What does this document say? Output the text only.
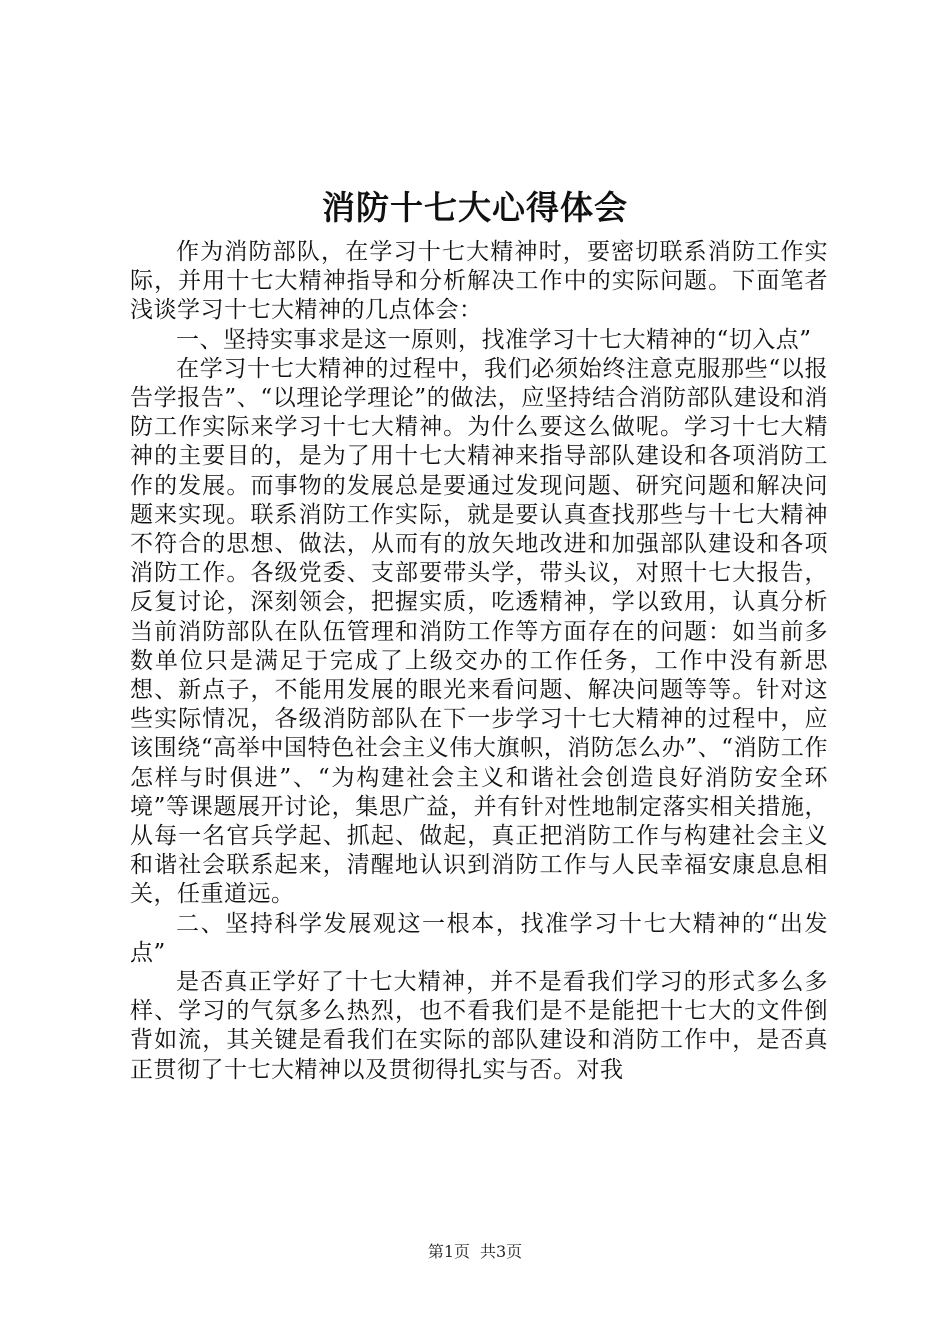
消防十七大心得体会

作为消防部队，在学习十七大精神时，要密切联系消防工作实际，并用十七大精神指导和分析解决工作中的实际问题。下面笔者浅谈学习十七大精神的几点体会：

一、坚持实事求是这一原则，找准学习十七大精神的“切入点”

在学习十七大精神的过程中，我们必须始终注意克服那些“以报告学报告”、“以理论学理论”的做法，应坚持结合消防部队建设和消防工作实际来学习十七大精神。为什么要这么做呢。学习十七大精神的主要目的，是为了用十七大精神来指导部队建设和各项消防工作的发展。而事物的发展总是要通过发现问题、研究问题和解决问题来实现。联系消防工作实际，就是要认真查找那些与十七大精神不符合的思想、做法，从而有的放矢地改进和加强部队建设和各项消防工作。各级党委、支部要带头学，带头议，对照十七大报告，反复讨论，深刻领会，把握实质，吃透精神，学以致用，认真分析当前消防部队在队伍管理和消防工作等方面存在的问题：如当前多数单位只是满足于完成了上级交办的工作任务，工作中没有新思想、新点子，不能用发展的眼光来看问题、解决问题等等。针对这些实际情况，各级消防部队在下一步学习十七大精神的过程中，应该围绕“高举中国特色社会主义伟大旗帜，消防怎么办”、“消防工作怎样与时俱进”、“为构建社会主义和谐社会创造良好消防安全环境”等课题展开讨论，集思广益，并有针对性地制定落实相关措施，从每一名官兵学起、抓起、做起，真正把消防工作与构建社会主义和谐社会联系起来，清醒地认识到消防工作与人民幸福安康息息相关，任重道远。

二、坚持科学发展观这一根本，找准学习十七大精神的“出发点”

是否真正学好了十七大精神，并不是看我们学习的形式多么多样、学习的气氛多么热烈，也不看我们是不是能把十七大的文件倒背如流，其关键是看我们在实际的部队建设和消防工作中，是否真正贯彻了十七大精神以及贯彻得扎实与否。对我

第1页 共3页
